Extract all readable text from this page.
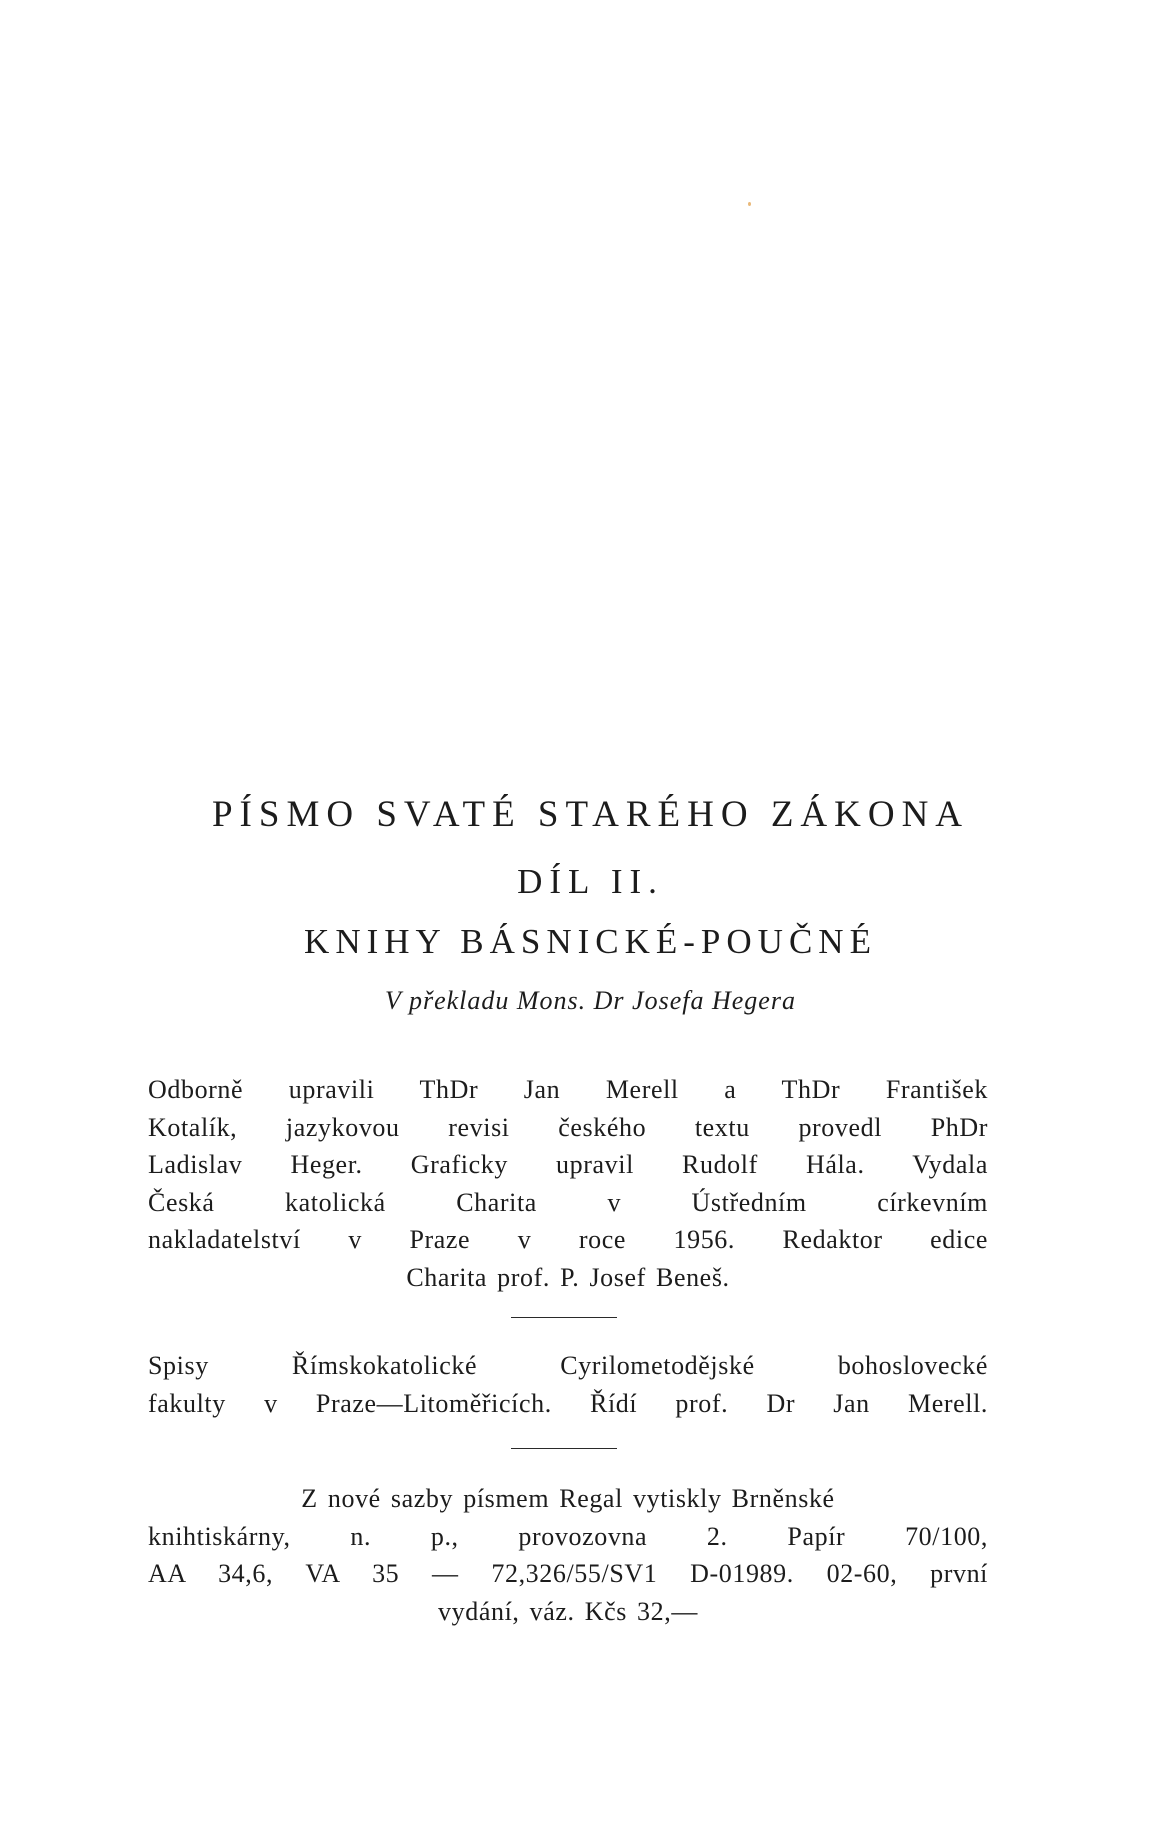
PÍSMO SVATÉ STARÉHO ZÁKONA
DÍL II.
KNIHY BÁSNICKÉ-POUČNÉ
V překladu Mons. Dr Josefa Hegera
Odborně upravili ThDr Jan Merell a ThDr František
Kotalík, jazykovou revisi českého textu provedl PhDr
Ladislav Heger. Graficky upravil Rudolf Hála. Vydala
Česká katolická Charita v Ústředním církevním
nakladatelství v Praze v roce 1956. Redaktor edice
Charita prof. P. Josef Beneš.
Spisy Římskokatolické Cyrilometodějské bohoslovecké
fakulty v Praze—Litoměřicích. Řídí prof. Dr Jan Merell.
Z nové sazby písmem Regal vytiskly Brněnské
knihtiskárny, n. p., provozovna 2. Papír 70/100,
AA 34,6, VA 35 — 72,326/55/SV1 D-01989. 02-60, první
vydání, váz. Kčs 32,—
